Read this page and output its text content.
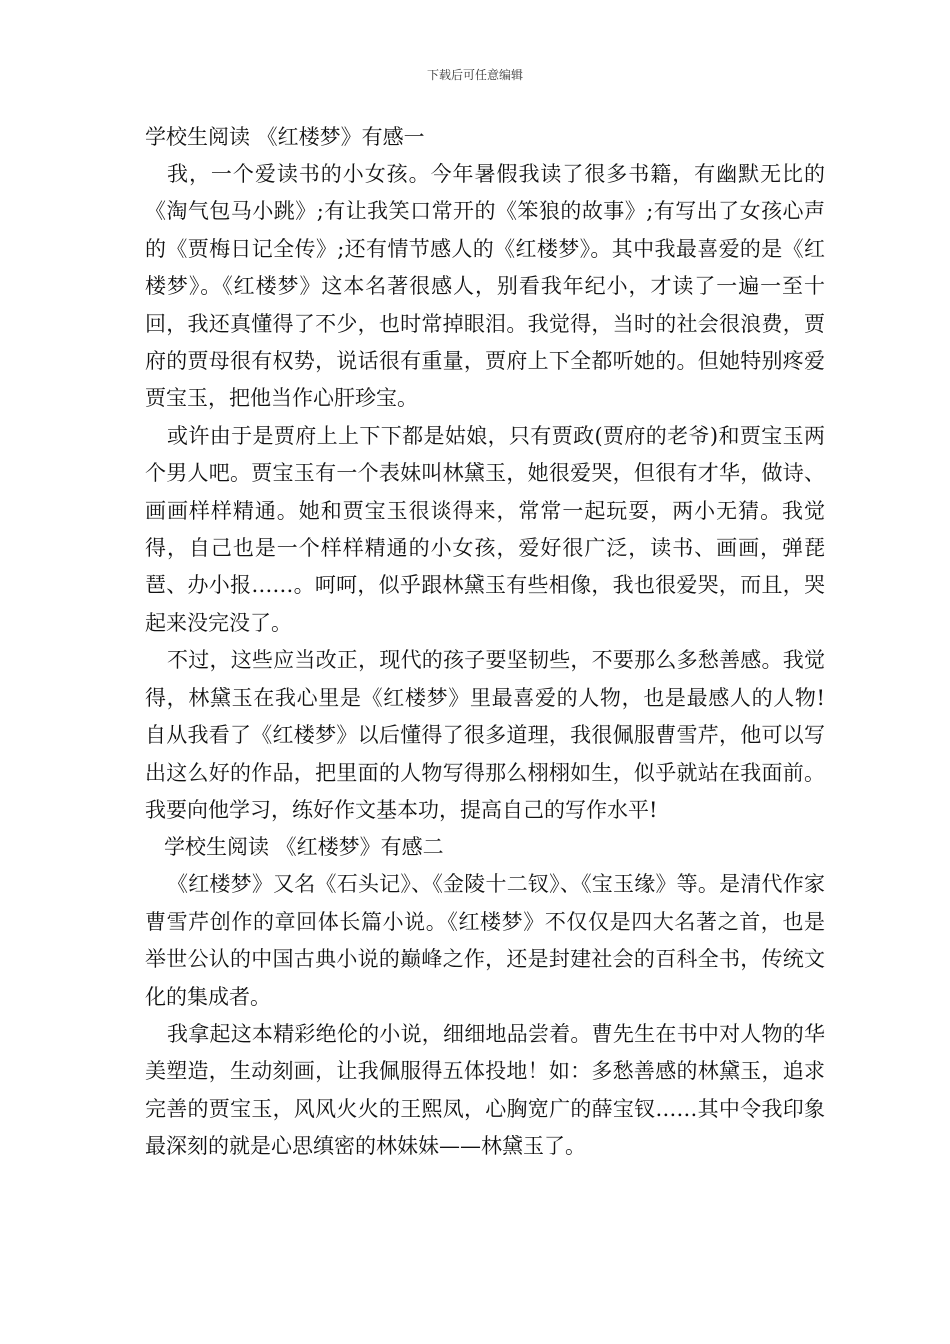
下载后可任意编辑
学校生阅读 《红楼梦》有感一

我，一个爱读书的小女孩。今年暑假我读了很多书籍，有幽默无比的《淘气包马小跳》;有让我笑口常开的《笨狼的故事》;有写出了女孩心声的《贾梅日记全传》;还有情节感人的《红楼梦》。其中我最喜爱的是《红楼梦》。《红楼梦》这本名著很感人，别看我年纪小，才读了一遍一至十回，我还真懂得了不少，也时常掉眼泪。我觉得，当时的社会很浪费，贾府的贾母很有权势，说话很有重量，贾府上下全都听她的。但她特别疼爱贾宝玉，把他当作心肝珍宝。

或许由于是贾府上上下下都是姑娘，只有贾政(贾府的老爷)和贾宝玉两个男人吧。贾宝玉有一个表妹叫林黛玉，她很爱哭，但很有才华，做诗、画画样样精通。她和贾宝玉很谈得来，常常一起玩耍，两小无猜。我觉得，自己也是一个样样精通的小女孩，爱好很广泛，读书、画画，弹琵琶、办小报……。呵呵，似乎跟林黛玉有些相像，我也很爱哭，而且，哭起来没完没了。

不过，这些应当改正，现代的孩子要坚韧些，不要那么多愁善感。我觉得，林黛玉在我心里是《红楼梦》里最喜爱的人物，也是最感人的人物!自从我看了《红楼梦》以后懂得了很多道理，我很佩服曹雪芹，他可以写出这么好的作品，把里面的人物写得那么栩栩如生，似乎就站在我面前。我要向他学习，练好作文基本功，提高自己的写作水平!

学校生阅读 《红楼梦》有感二

《红楼梦》又名《石头记》、《金陵十二钗》、《宝玉缘》等。是清代作家曹雪芹创作的章回体长篇小说。《红楼梦》不仅仅是四大名著之首，也是举世公认的中国古典小说的巅峰之作，还是封建社会的百科全书，传统文化的集成者。

我拿起这本精彩绝伦的小说，细细地品尝着。曹先生在书中对人物的华美塑造，生动刻画，让我佩服得五体投地！如：多愁善感的林黛玉，追求完善的贾宝玉，风风火火的王熙凤，心胸宽广的薛宝钗……其中令我印象最深刻的就是心思缜密的林妹妹——林黛玉了。
